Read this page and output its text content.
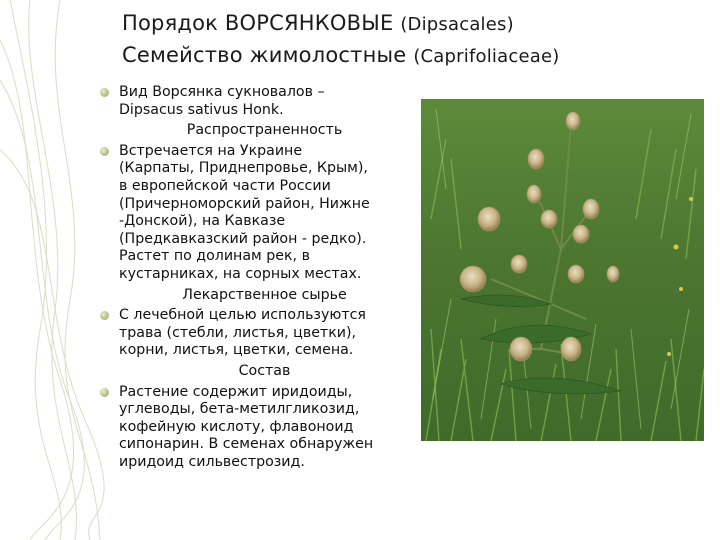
Порядок ВОРСЯНКОВЫЕ (Dipsacales)
Семейство жимолостные (Caprifoliaceae)
Вид Ворсянка сукновалов –
Dipsacus sativus Honk.
Распространенность
Встречается на Украине
(Карпаты, Приднепровье, Крым),
в европейской части России
(Причерноморский район, Нижне
-Донской), на Кавказе
(Предкавказский район - редко).
Растет по долинам рек, в
кустарниках, на сорных местах.
Лекарственное сырье
С лечебной целью используются
трава (стебли, листья, цветки),
корни, листья, цветки, семена.
Состав
Растение содержит иридоиды,
углеводы, бета-метилгликозид,
кофейную кислоту, флавоноид
сипонарин. В семенах обнаружен
иридоид сильвестрозид.
